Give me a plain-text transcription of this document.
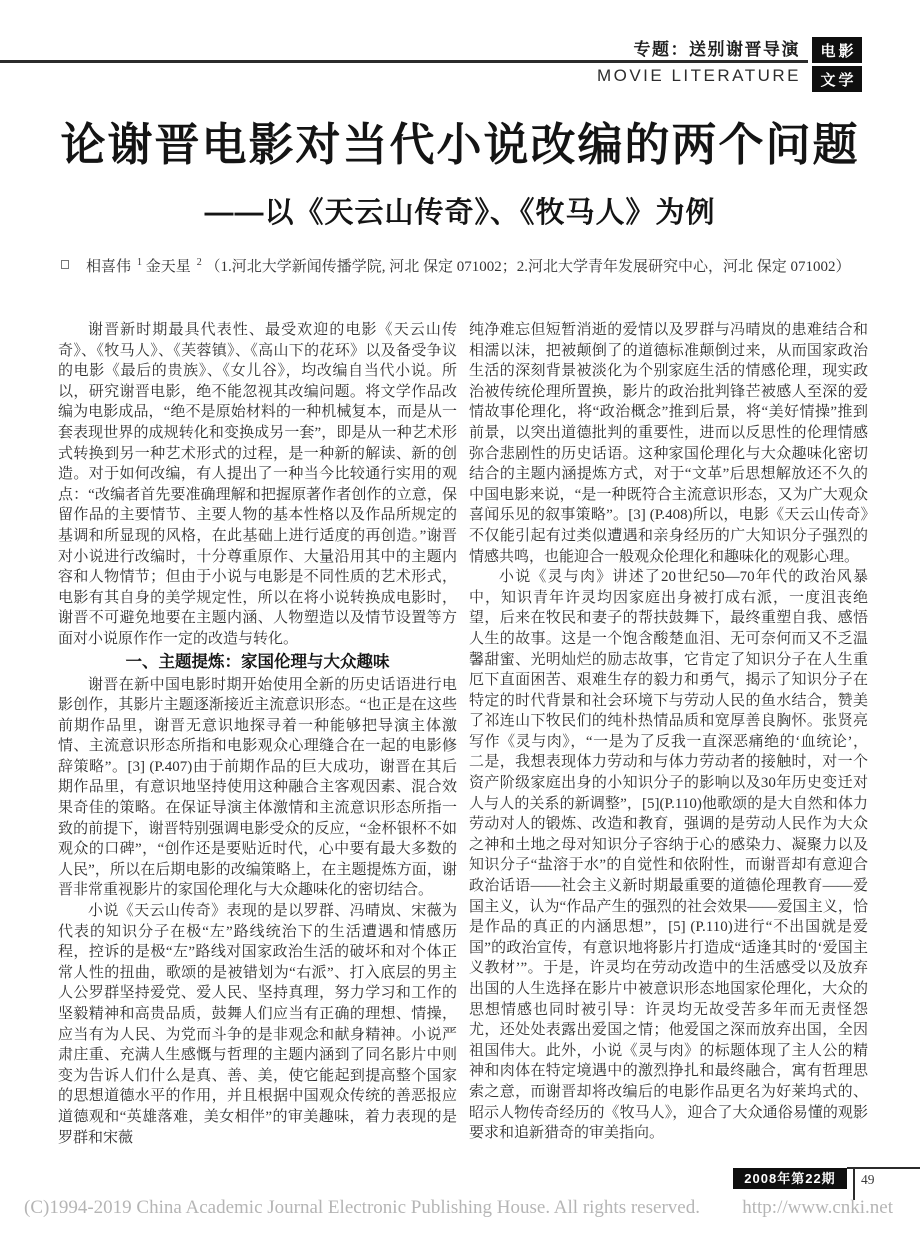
专题：送别谢晋导演
MOVIE LITERATURE
电影
文学
论谢晋电影对当代小说改编的两个问题
——以《天云山传奇》、《牧马人》为例
相喜伟 $^1$ 金天星 $^2$ （1.河北大学新闻传播学院, 河北 保定 071002；2.河北大学青年发展研究中心，河北 保定 071002）

谢晋新时期最具代表性、最受欢迎的电影《天云山传奇》、《牧马人》、《芙蓉镇》、《高山下的花环》以及备受争议的电影《最后的贵族》、《女儿谷》，均改编自当代小说。所以，研究谢晋电影，绝不能忽视其改编问题。将文学作品改编为电影成品，“绝不是原始材料的一种机械复本，而是从一套表现世界的成规转化和变换成另一套”，即是从一种艺术形式转换到另一种艺术形式的过程，是一种新的解读、新的创造。对于如何改编，有人提出了一种当今比较通行实用的观点：“改编者首先要准确理解和把握原著作者创作的立意，保留作品的主要情节、主要人物的基本性格以及作品所规定的基调和所显现的风格，在此基础上进行适度的再创造。”谢晋对小说进行改编时，十分尊重原作、大量沿用其中的主题内容和人物情节；但由于小说与电影是不同性质的艺术形式，电影有其自身的美学规定性，所以在将小说转换成电影时，谢晋不可避免地要在主题内涵、人物塑造以及情节设置等方面对小说原作作一定的改造与转化。

一、主题提炼：家国伦理与大众趣味

谢晋在新中国电影时期开始使用全新的历史话语进行电影创作，其影片主题逐渐接近主流意识形态。“也正是在这些前期作品里，谢晋无意识地探寻着一种能够把导演主体激情、主流意识形态所指和电影观众心理缝合在一起的电影修辞策略”。[3] (P.407)由于前期作品的巨大成功，谢晋在其后期作品里，有意识地坚持使用这种融合主客观因素、混合效果奇佳的策略。在保证导演主体激情和主流意识形态所指一致的前提下，谢晋特别强调电影受众的反应，“金杯银杯不如观众的口碑”，“创作还是要贴近时代，心中要有最大多数的人民”，所以在后期电影的改编策略上，在主题提炼方面，谢晋非常重视影片的家国伦理化与大众趣味化的密切结合。

小说《天云山传奇》表现的是以罗群、冯晴岚、宋薇为代表的知识分子在极“左”路线统治下的生活遭遇和情感历程，控诉的是极“左”路线对国家政治生活的破坏和对个体正常人性的扭曲，歌颂的是被错划为“右派”、打入底层的男主人公罗群坚持爱党、爱人民、坚持真理，努力学习和工作的坚毅精神和高贵品质，鼓舞人们应当有正确的理想、情操，应当有为人民、为党而斗争的是非观念和献身精神。小说严肃庄重、充满人生感慨与哲理的主题内涵到了同名影片中则变为告诉人们什么是真、善、美，使它能起到提高整个国家的思想道德水平的作用，并且根据中国观众传统的善恶报应道德观和“英雄落难，美女相伴”的审美趣味，着力表现的是罗群和宋薇

纯净难忘但短暂消逝的爱情以及罗群与冯晴岚的患难结合和相濡以沫，把被颠倒了的道德标准颠倒过来，从而国家政治生活的深刻背景被淡化为个别家庭生活的情感伦理，现实政治被传统伦理所置换，影片的政治批判锋芒被感人至深的爱情故事伦理化，将“政治概念”推到后景，将“美好情操”推到前景，以突出道德批判的重要性，进而以反思性的伦理情感弥合悲剧性的历史话语。这种家国伦理化与大众趣味化密切结合的主题内涵提炼方式，对于“文革”后思想解放还不久的中国电影来说，“是一种既符合主流意识形态，又为广大观众喜闻乐见的叙事策略”。[3] (P.408)所以，电影《天云山传奇》不仅能引起有过类似遭遇和亲身经历的广大知识分子强烈的情感共鸣，也能迎合一般观众伦理化和趣味化的观影心理。

小说《灵与肉》讲述了20世纪50—70年代的政治风暴中，知识青年许灵均因家庭出身被打成右派，一度沮丧绝望，后来在牧民和妻子的帮扶鼓舞下，最终重塑自我、感悟人生的故事。这是一个饱含酸楚血泪、无可奈何而又不乏温馨甜蜜、光明灿烂的励志故事，它肯定了知识分子在人生重厄下直面困苦、艰难生存的毅力和勇气，揭示了知识分子在特定的时代背景和社会环境下与劳动人民的鱼水结合，赞美了祁连山下牧民们的纯朴热情品质和宽厚善良胸怀。张贤亮写作《灵与肉》，“一是为了反我一直深恶痛绝的‘血统论’，二是，我想表现体力劳动和与体力劳动者的接触时，对一个资产阶级家庭出身的小知识分子的影响以及30年历史变迁对人与人的关系的新调整”，[5](P.110)他歌颂的是大自然和体力劳动对人的锻炼、改造和教育，强调的是劳动人民作为大众之神和土地之母对知识分子容纳于心的感染力、凝聚力以及知识分子“盐溶于水”的自觉性和依附性，而谢晋却有意迎合政治话语——社会主义新时期最重要的道德伦理教育——爱国主义，认为“作品产生的强烈的社会效果——爱国主义，恰是作品的真正的内涵思想”，[5] (P.110)进行“不出国就是爱国”的政治宣传，有意识地将影片打造成“适逢其时的‘爱国主义教材’”。于是，许灵均在劳动改造中的生活感受以及放弃出国的人生选择在影片中被意识形态地国家伦理化，大众的思想情感也同时被引导：许灵均无故受苦多年而无责怪怨尤，还处处表露出爱国之情；他爱国之深而放弃出国，全因祖国伟大。此外，小说《灵与肉》的标题体现了主人公的精神和肉体在特定境遇中的激烈挣扎和最终融合，寓有哲理思索之意，而谢晋却将改编后的电影作品更名为好莱坞式的、昭示人物传奇经历的《牧马人》，迎合了大众通俗易懂的观影要求和追新猎奇的审美指向。

2008年第22期	49
(C)1994-2019 China Academic Journal Electronic Publishing House. All rights reserved. http://www.cnki.net
